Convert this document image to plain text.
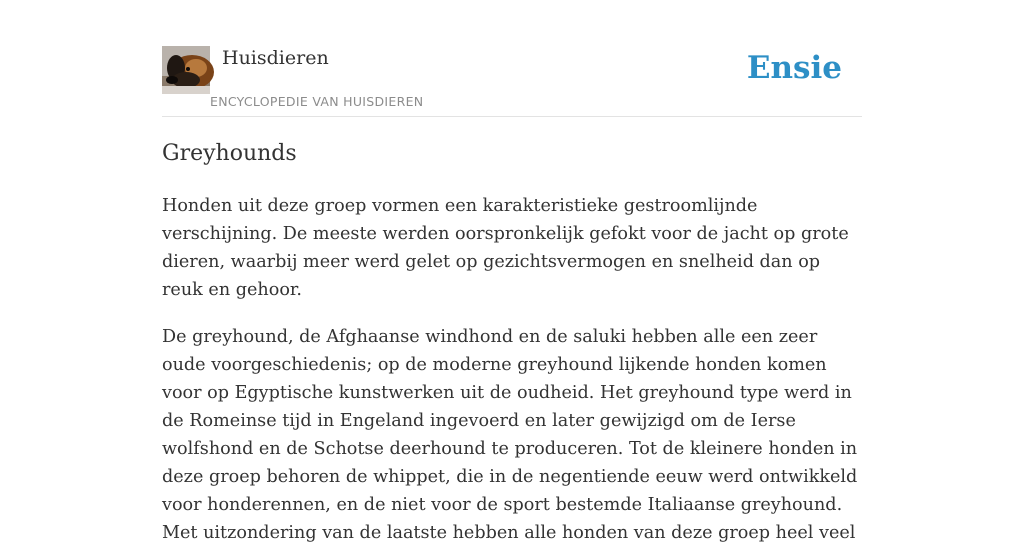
Huisdieren
ENCYCLOPEDIE VAN HUISDIEREN
Ensie
Greyhounds

Honden uit deze groep vormen een karakteristieke gestroomlijnde verschijning. De meeste werden oorspronkelijk gefokt voor de jacht op grote dieren, waarbij meer werd gelet op gezichtsvermogen en snelheid dan op reuk en gehoor.

De greyhound, de Afghaanse windhond en de saluki hebben alle een zeer oude voorgeschiedenis; op de moderne greyhound lijkende honden komen voor op Egyptische kunstwerken uit de oudheid. Het greyhound type werd in de Romeinse tijd in Engeland ingevoerd en later gewijzigd om de Ierse wolfshond en de Schotse deerhound te produceren. Tot de kleinere honden in deze groep behoren de whippet, die in de negentiende eeuw werd ontwikkeld voor honderennen, en de niet voor de sport bestemde Italiaanse greyhound. Met uitzondering van de laatste hebben alle honden van deze groep heel veel
